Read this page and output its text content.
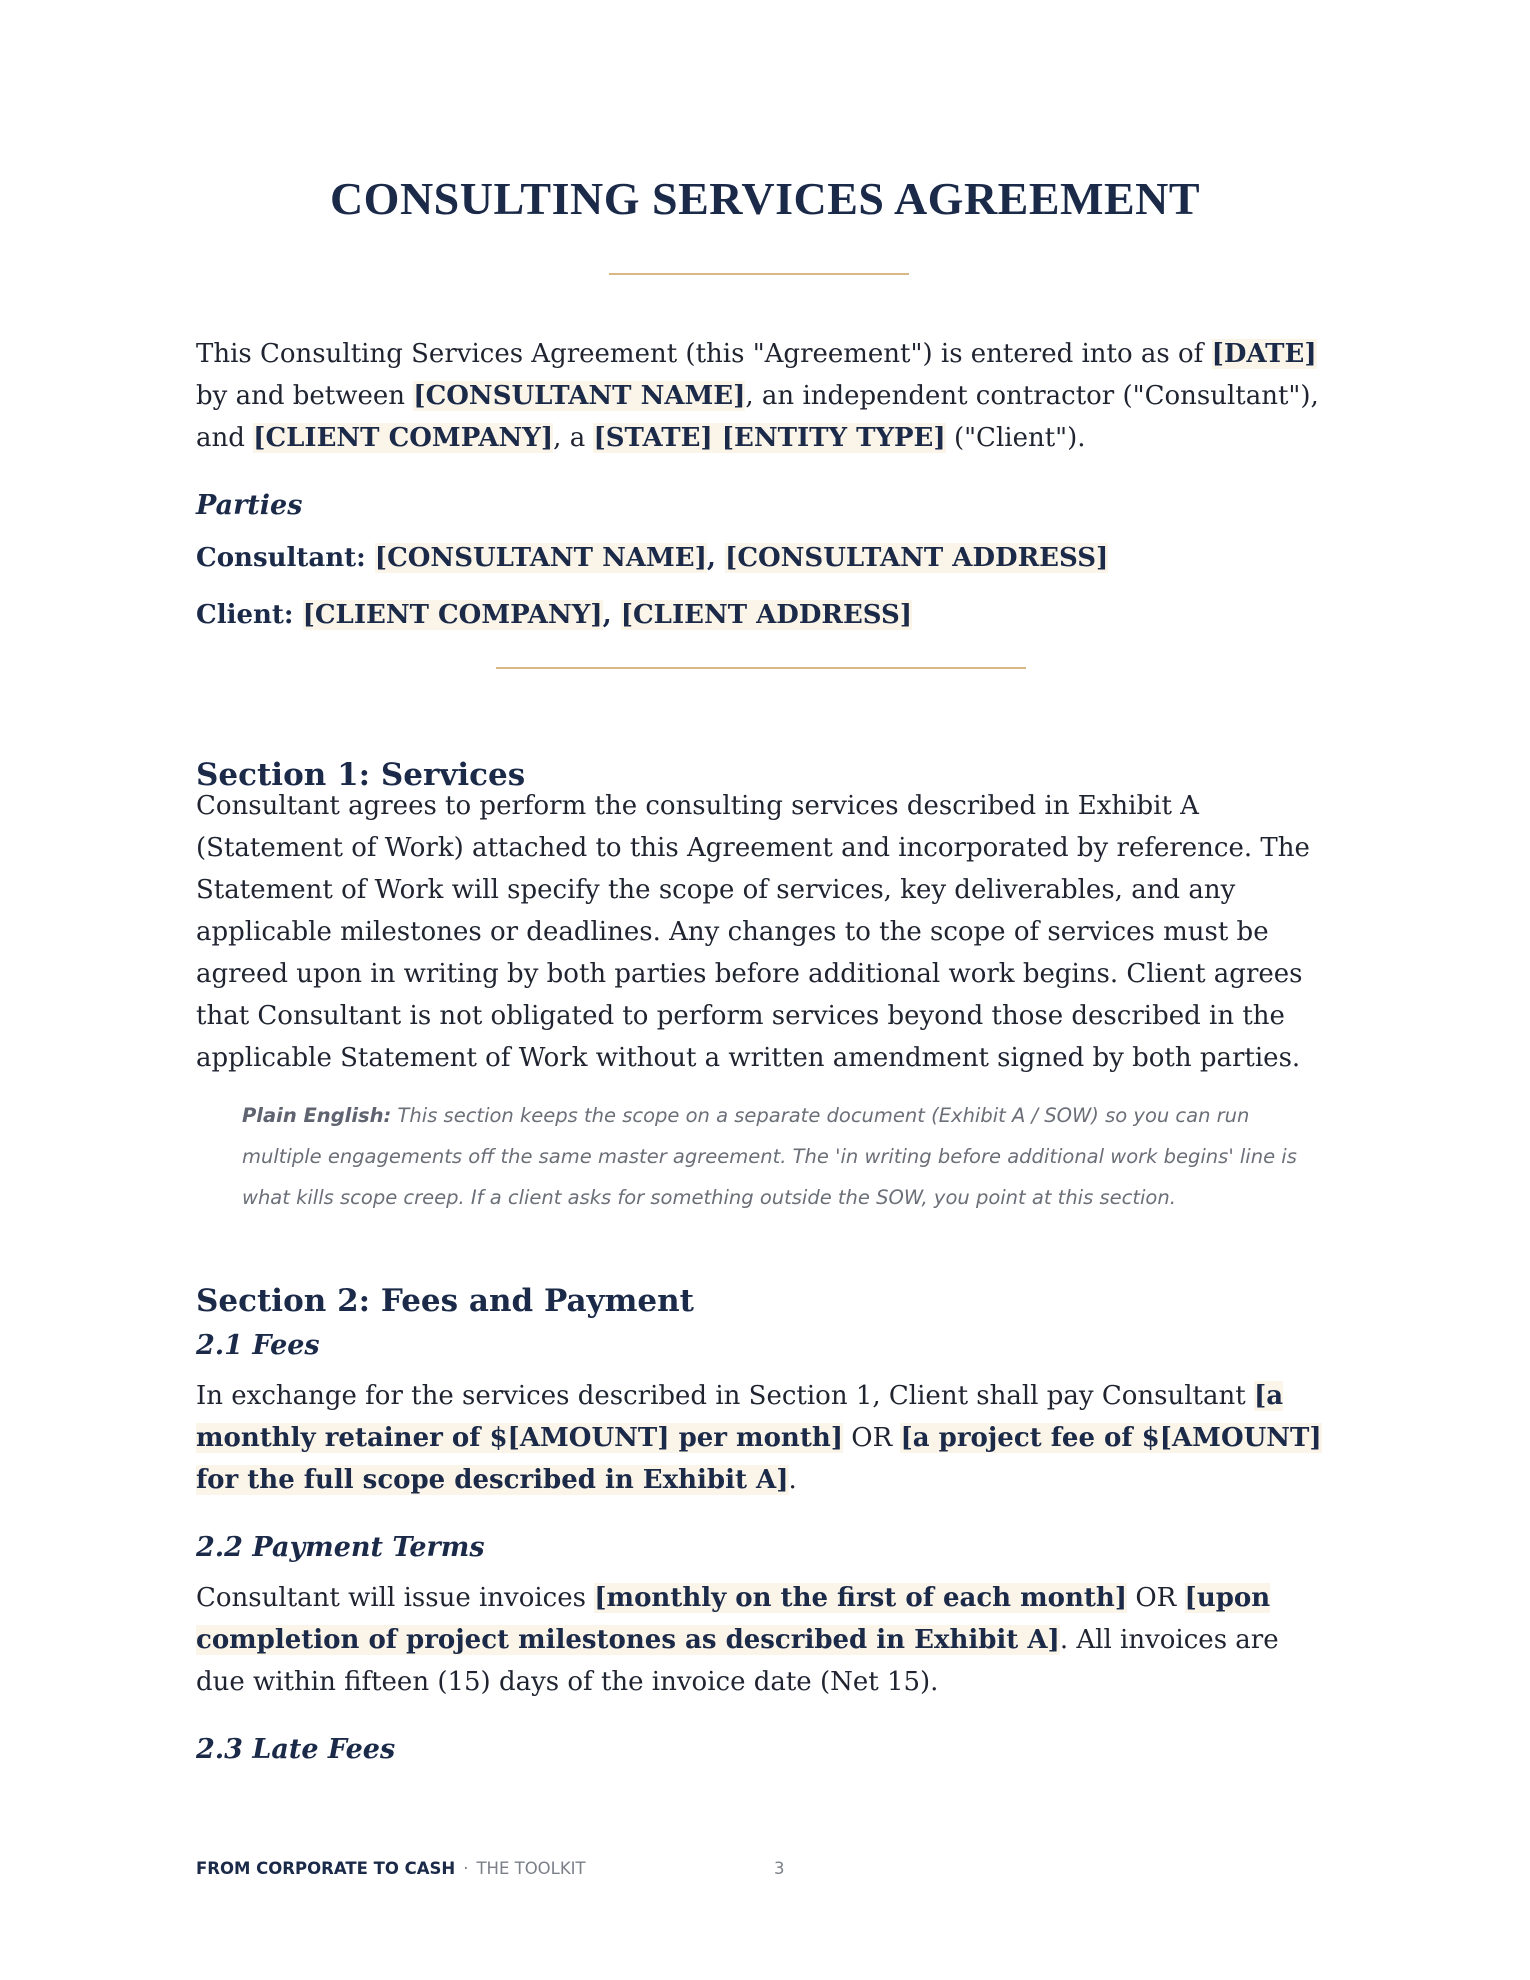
CONSULTING SERVICES AGREEMENT

This Consulting Services Agreement (this "Agreement") is entered into as of [DATE] by and between [CONSULTANT NAME], an independent contractor ("Consultant"), and [CLIENT COMPANY], a [STATE] [ENTITY TYPE] ("Client").

Parties
Consultant: [CONSULTANT NAME], [CONSULTANT ADDRESS]
Client: [CLIENT COMPANY], [CLIENT ADDRESS]
Section 1: Services

Consultant agrees to perform the consulting services described in Exhibit A (Statement of Work) attached to this Agreement and incorporated by reference. The Statement of Work will specify the scope of services, key deliverables, and any applicable milestones or deadlines. Any changes to the scope of services must be agreed upon in writing by both parties before additional work begins. Client agrees that Consultant is not obligated to perform services beyond those described in the applicable Statement of Work without a written amendment signed by both parties.

Plain English: This section keeps the scope on a separate document (Exhibit A / SOW) so you can run multiple engagements off the same master agreement. The 'in writing before additional work begins' line is what kills scope creep. If a client asks for something outside the SOW, you point at this section.

Section 2: Fees and Payment
2.1 Fees

In exchange for the services described in Section 1, Client shall pay Consultant [a monthly retainer of $[AMOUNT] per month] OR [a project fee of $[AMOUNT] for the full scope described in Exhibit A].

2.2 Payment Terms

Consultant will issue invoices [monthly on the first of each month] OR [upon completion of project milestones as described in Exhibit A]. All invoices are due within fifteen (15) days of the invoice date (Net 15).

2.3 Late Fees
FROM CORPORATE TO CASH · THE TOOLKIT	3
